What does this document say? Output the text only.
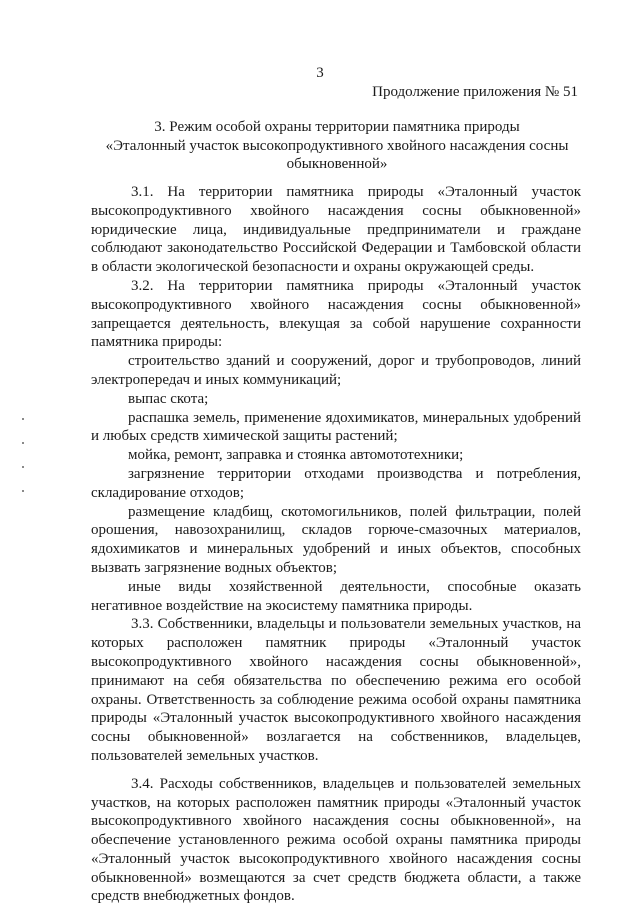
3
Продолжение приложения № 51
3. Режим особой охраны территории памятника природы
«Эталонный участок высокопродуктивного хвойного насаждения сосны
обыкновенной»

3.1. На территории памятника природы «Эталонный участок высокопродуктивного хвойного насаждения сосны обыкновенной» юридические лица, индивидуальные предприниматели и граждане соблюдают законодательство Российской Федерации и Тамбовской области в области экологической безопасности и охраны окружающей среды.

3.2. На территории памятника природы «Эталонный участок высокопродуктивного хвойного насаждения сосны обыкновенной» запрещается деятельность, влекущая за собой нарушение сохранности памятника природы:

строительство зданий и сооружений, дорог и трубопроводов, линий электропередач и иных коммуникаций;

выпас скота;

распашка земель, применение ядохимикатов, минеральных удобрений и любых средств химической защиты растений;

мойка, ремонт, заправка и стоянка автомототехники;

загрязнение территории отходами производства и потребления, складирование отходов;

размещение кладбищ, скотомогильников, полей фильтрации, полей орошения, навозохранилищ, складов горюче-смазочных материалов, ядохимикатов и минеральных удобрений и иных объектов, способных вызвать загрязнение водных объектов;

иные виды хозяйственной деятельности, способные оказать негативное воздействие на экосистему памятника природы.

3.3. Собственники, владельцы и пользователи земельных участков, на которых расположен памятник природы «Эталонный участок высокопродуктивного хвойного насаждения сосны обыкновенной», принимают на себя обязательства по обеспечению режима его особой охраны. Ответственность за соблюдение режима особой охраны памятника природы «Эталонный участок высокопродуктивного хвойного насаждения сосны обыкновенной» возлагается на собственников, владельцев, пользователей земельных участков.

3.4. Расходы собственников, владельцев и пользователей земельных участков, на которых расположен памятник природы «Эталонный участок высокопродуктивного хвойного насаждения сосны обыкновенной», на обеспечение установленного режима особой охраны памятника природы «Эталонный участок высокопродуктивного хвойного насаждения сосны обыкновенной» возмещаются за счет средств бюджета области, а также средств внебюджетных фондов.
